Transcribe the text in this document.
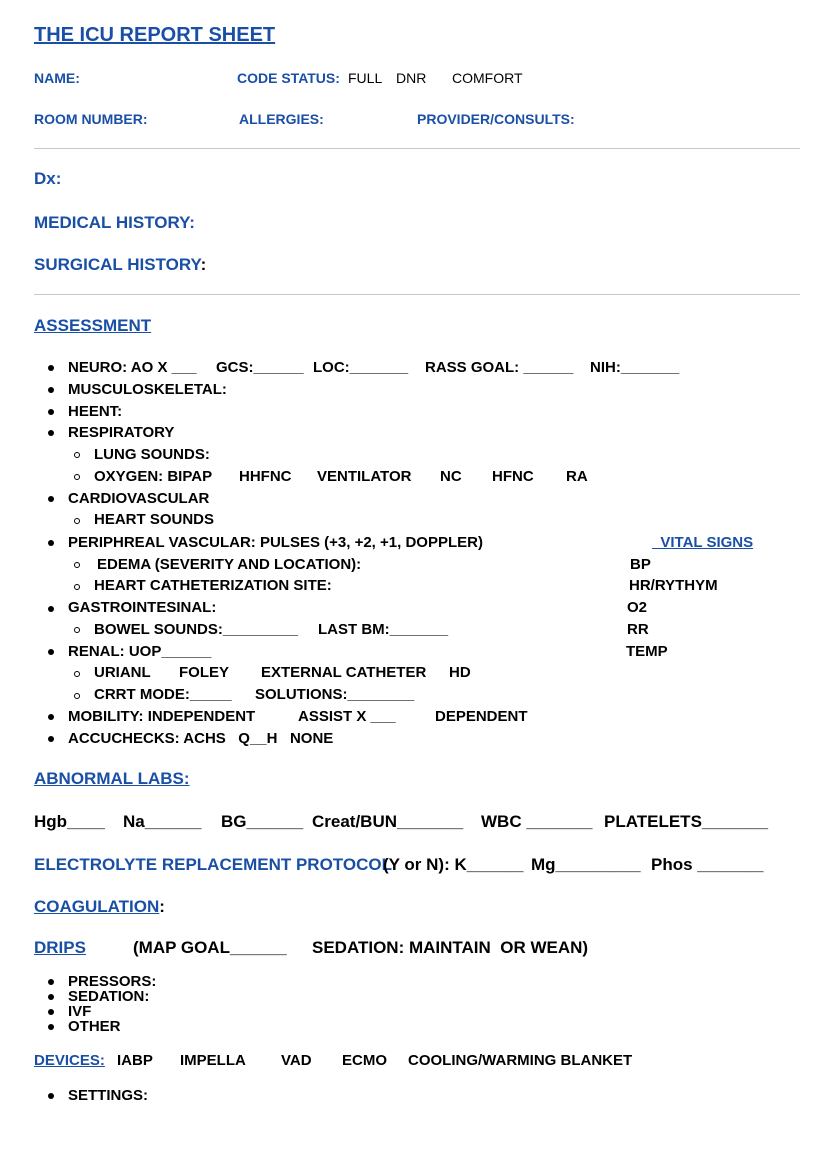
THE ICU REPORT SHEET
NAME:	CODE STATUS: FULL DNR COMFORT
ROOM NUMBER:	ALLERGIES:	PROVIDER/CONSULTS:
Dx:
MEDICAL HISTORY:
SURGICAL HISTORY:
ASSESSMENT
NEURO: AO X ___ GCS:______ LOC:_______ RASS GOAL: ______ NIH:_______
MUSCULOSKELETAL:
HEENT:
RESPIRATORY
LUNG SOUNDS:
OXYGEN: BIPAP HHFNC VENTILATOR NC HFNC RA
CARDIOVASCULAR
HEART SOUNDS
PERIPHREAL VASCULAR: PULSES (+3, +2, +1, DOPPLER)	_VITAL SIGNS
EDEMA (SEVERITY AND LOCATION):	BP
HEART CATHETERIZATION SITE:	HR/RYTHYM
GASTROINTESINAL:	O2
BOWEL SOUNDS:_________ LAST BM:_______	RR
RENAL: UOP______	TEMP
URIANL FOLEY EXTERNAL CATHETER HD
CRRT MODE:_____ SOLUTIONS:________
MOBILITY: INDEPENDENT	ASSIST X ___	DEPENDENT
ACCUCHECKS: ACHS   Q__H   NONE
ABNORMAL LABS:
Hgb____ Na______ BG______ Creat/BUN_______ WBC _______ PLATELETS_______
ELECTROLYTE REPLACEMENT PROTOCOL
(Y or N): K______ Mg_________ Phos _______
COAGULATION:
DRIPS	(MAP GOAL______ SEDATION: MAINTAIN  OR WEAN)
PRESSORS:
SEDATION:
IVF
OTHER
DEVICES: IABP IMPELLA VAD ECMO COOLING/WARMING BLANKET
SETTINGS:
